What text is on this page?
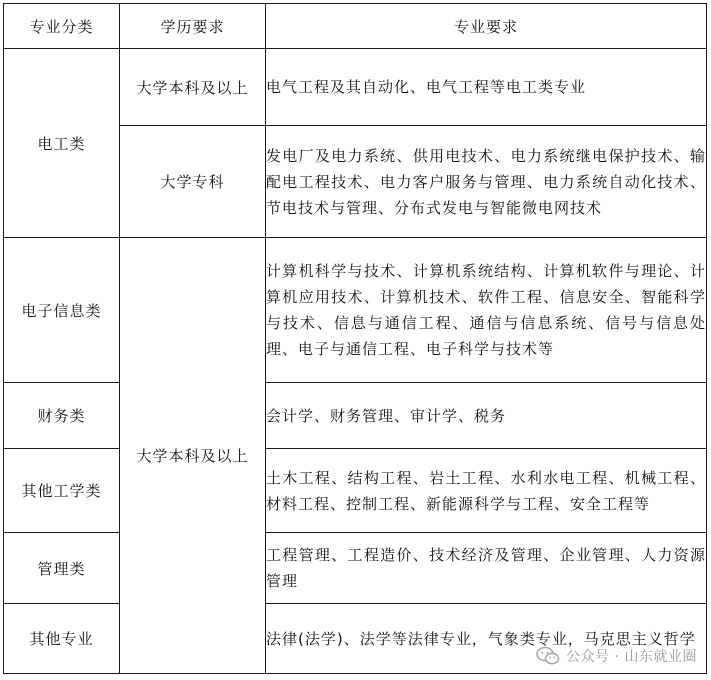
专业分类	学历要求	专业要求
电工类	大学本科及以上	电气工程及其自动化、电气工程等电工类专业
	大学专科	发电厂及电力系统、供用电技术、电力系统继电保护技术、输配电工程技术、电力客户服务与管理、电力系统自动化技术、节电技术与管理、分布式发电与智能微电网技术
电子信息类	大学本科及以上	计算机科学与技术、计算机系统结构、计算机软件与理论、计算机应用技术、计算机技术、软件工程、信息安全、智能科学与技术、信息与通信工程、通信与信息系统、信号与信息处理、电子与通信工程、电子科学与技术等
财务类		会计学、财务管理、审计学、税务
其他工学类		土木工程、结构工程、岩土工程、水利水电工程、机械工程、材料工程、控制工程、新能源科学与工程、安全工程等
管理类		工程管理、工程造价、技术经济及管理、企业管理、人力资源管理
其他专业		法律(法学)、法学等法律专业，气象类专业，马克思主义哲学
公众号 · 山东就业圈
